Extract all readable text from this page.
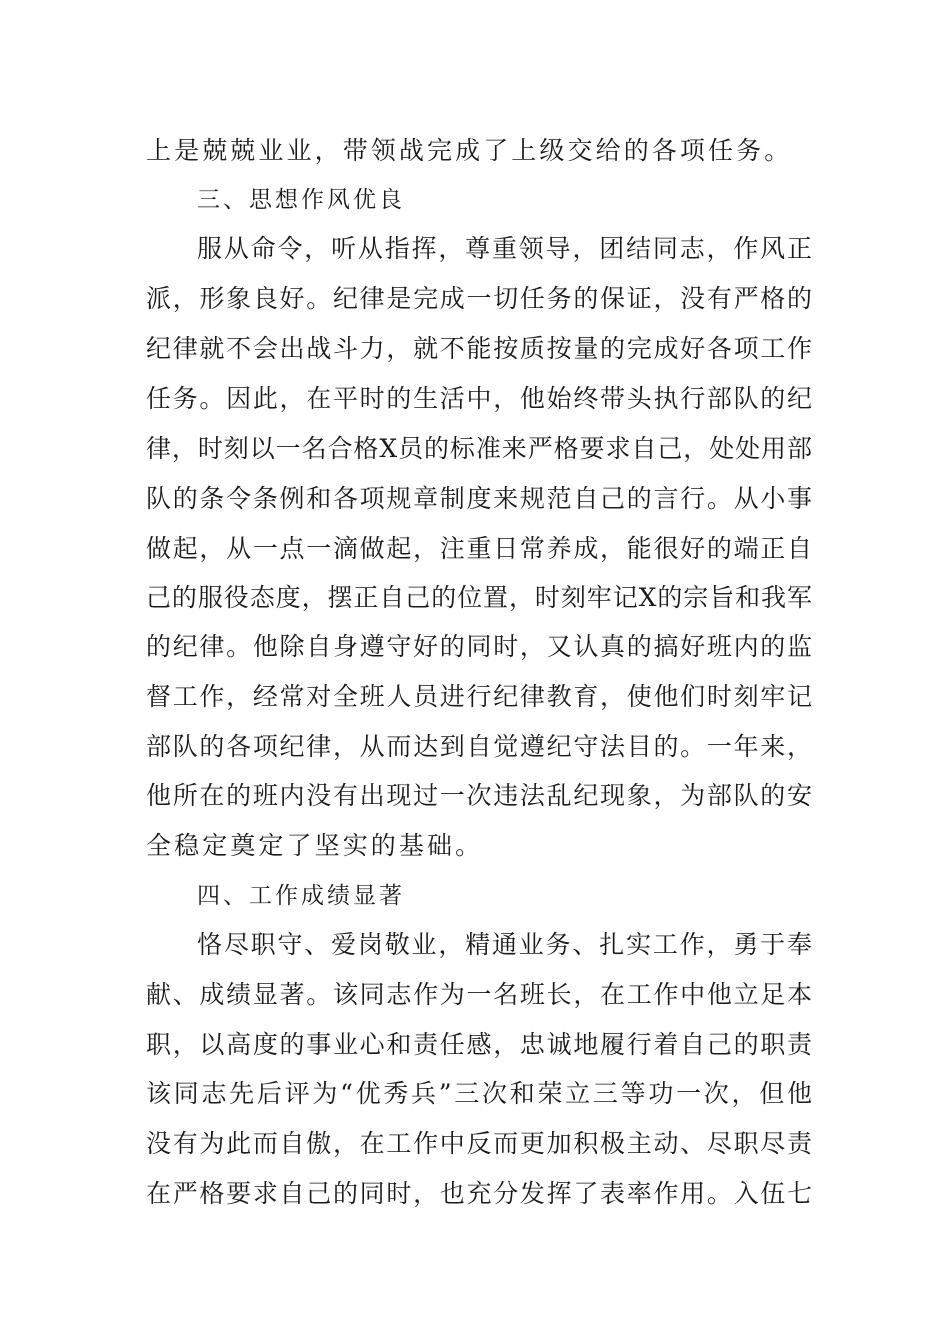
上是兢兢业业，带领战完成了上级交给的各项任务。
三、思想作风优良
服从命令，听从指挥，尊重领导，团结同志，作风正
派，形象良好。纪律是完成一切任务的保证，没有严格的
纪律就不会出战斗力，就不能按质按量的完成好各项工作
任务。因此，在平时的生活中，他始终带头执行部队的纪
律，时刻以一名合格X员的标准来严格要求自己，处处用部
队的条令条例和各项规章制度来规范自己的言行。从小事
做起，从一点一滴做起，注重日常养成，能很好的端正自
己的服役态度，摆正自己的位置，时刻牢记X的宗旨和我军
的纪律。他除自身遵守好的同时，又认真的搞好班内的监
督工作，经常对全班人员进行纪律教育，使他们时刻牢记
部队的各项纪律，从而达到自觉遵纪守法目的。一年来，
他所在的班内没有出现过一次违法乱纪现象，为部队的安
全稳定奠定了坚实的基础。
四、工作成绩显著
恪尽职守、爱岗敬业，精通业务、扎实工作，勇于奉
献、成绩显著。该同志作为一名班长，在工作中他立足本
职，以高度的事业心和责任感，忠诚地履行着自己的职责
该同志先后评为“优秀兵”三次和荣立三等功一次，但他
没有为此而自傲，在工作中反而更加积极主动、尽职尽责
在严格要求自己的同时，也充分发挥了表率作用。入伍七
